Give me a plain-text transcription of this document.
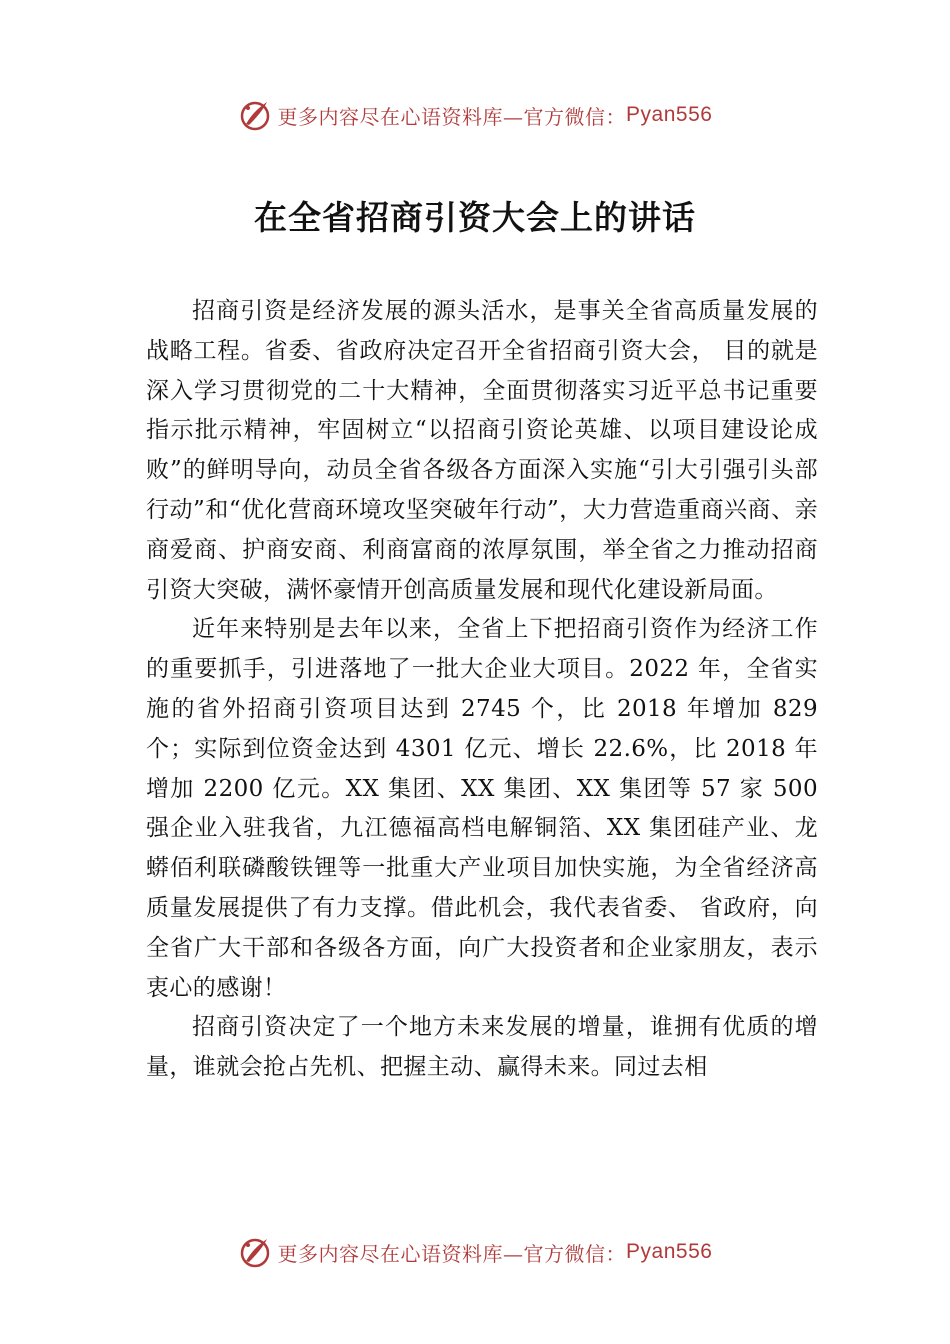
更多内容尽在心语资料库—官方微信： Pyan556
在全省招商引资大会上的讲话

招商引资是经济发展的源头活水，是事关全省高质量发展的战略工程。省委、省政府决定召开全省招商引资大会， 目的就是深入学习贯彻党的二十大精神，全面贯彻落实习近平总书记重要指示批示精神，牢固树立“以招商引资论英雄、以项目建设论成败”的鲜明导向，动员全省各级各方面深入实施“引大引强引头部行动”和“优化营商环境攻坚突破年行动”，大力营造重商兴商、亲商爱商、护商安商、利商富商的浓厚氛围，举全省之力推动招商引资大突破，满怀豪情开创高质量发展和现代化建设新局面。

近年来特别是去年以来，全省上下把招商引资作为经济工作的重要抓手，引进落地了一批大企业大项目。2022 年，全省实施的省外招商引资项目达到 2745 个，比 2018 年增加 829 个；实际到位资金达到 4301 亿元、增长 22.6%，比 2018 年增加 2200 亿元。XX 集团、XX 集团、XX 集团等 57 家 500 强企业入驻我省，九江德福高档电解铜箔、XX 集团硅产业、龙蟒佰利联磷酸铁锂等一批重大产业项目加快实施，为全省经济高质量发展提供了有力支撑。借此机会，我代表省委、 省政府，向全省广大干部和各级各方面，向广大投资者和企业家朋友，表示衷心的感谢！

招商引资决定了一个地方未来发展的增量，谁拥有优质的增量，谁就会抢占先机、把握主动、赢得未来。同过去相

更多内容尽在心语资料库—官方微信： Pyan556
